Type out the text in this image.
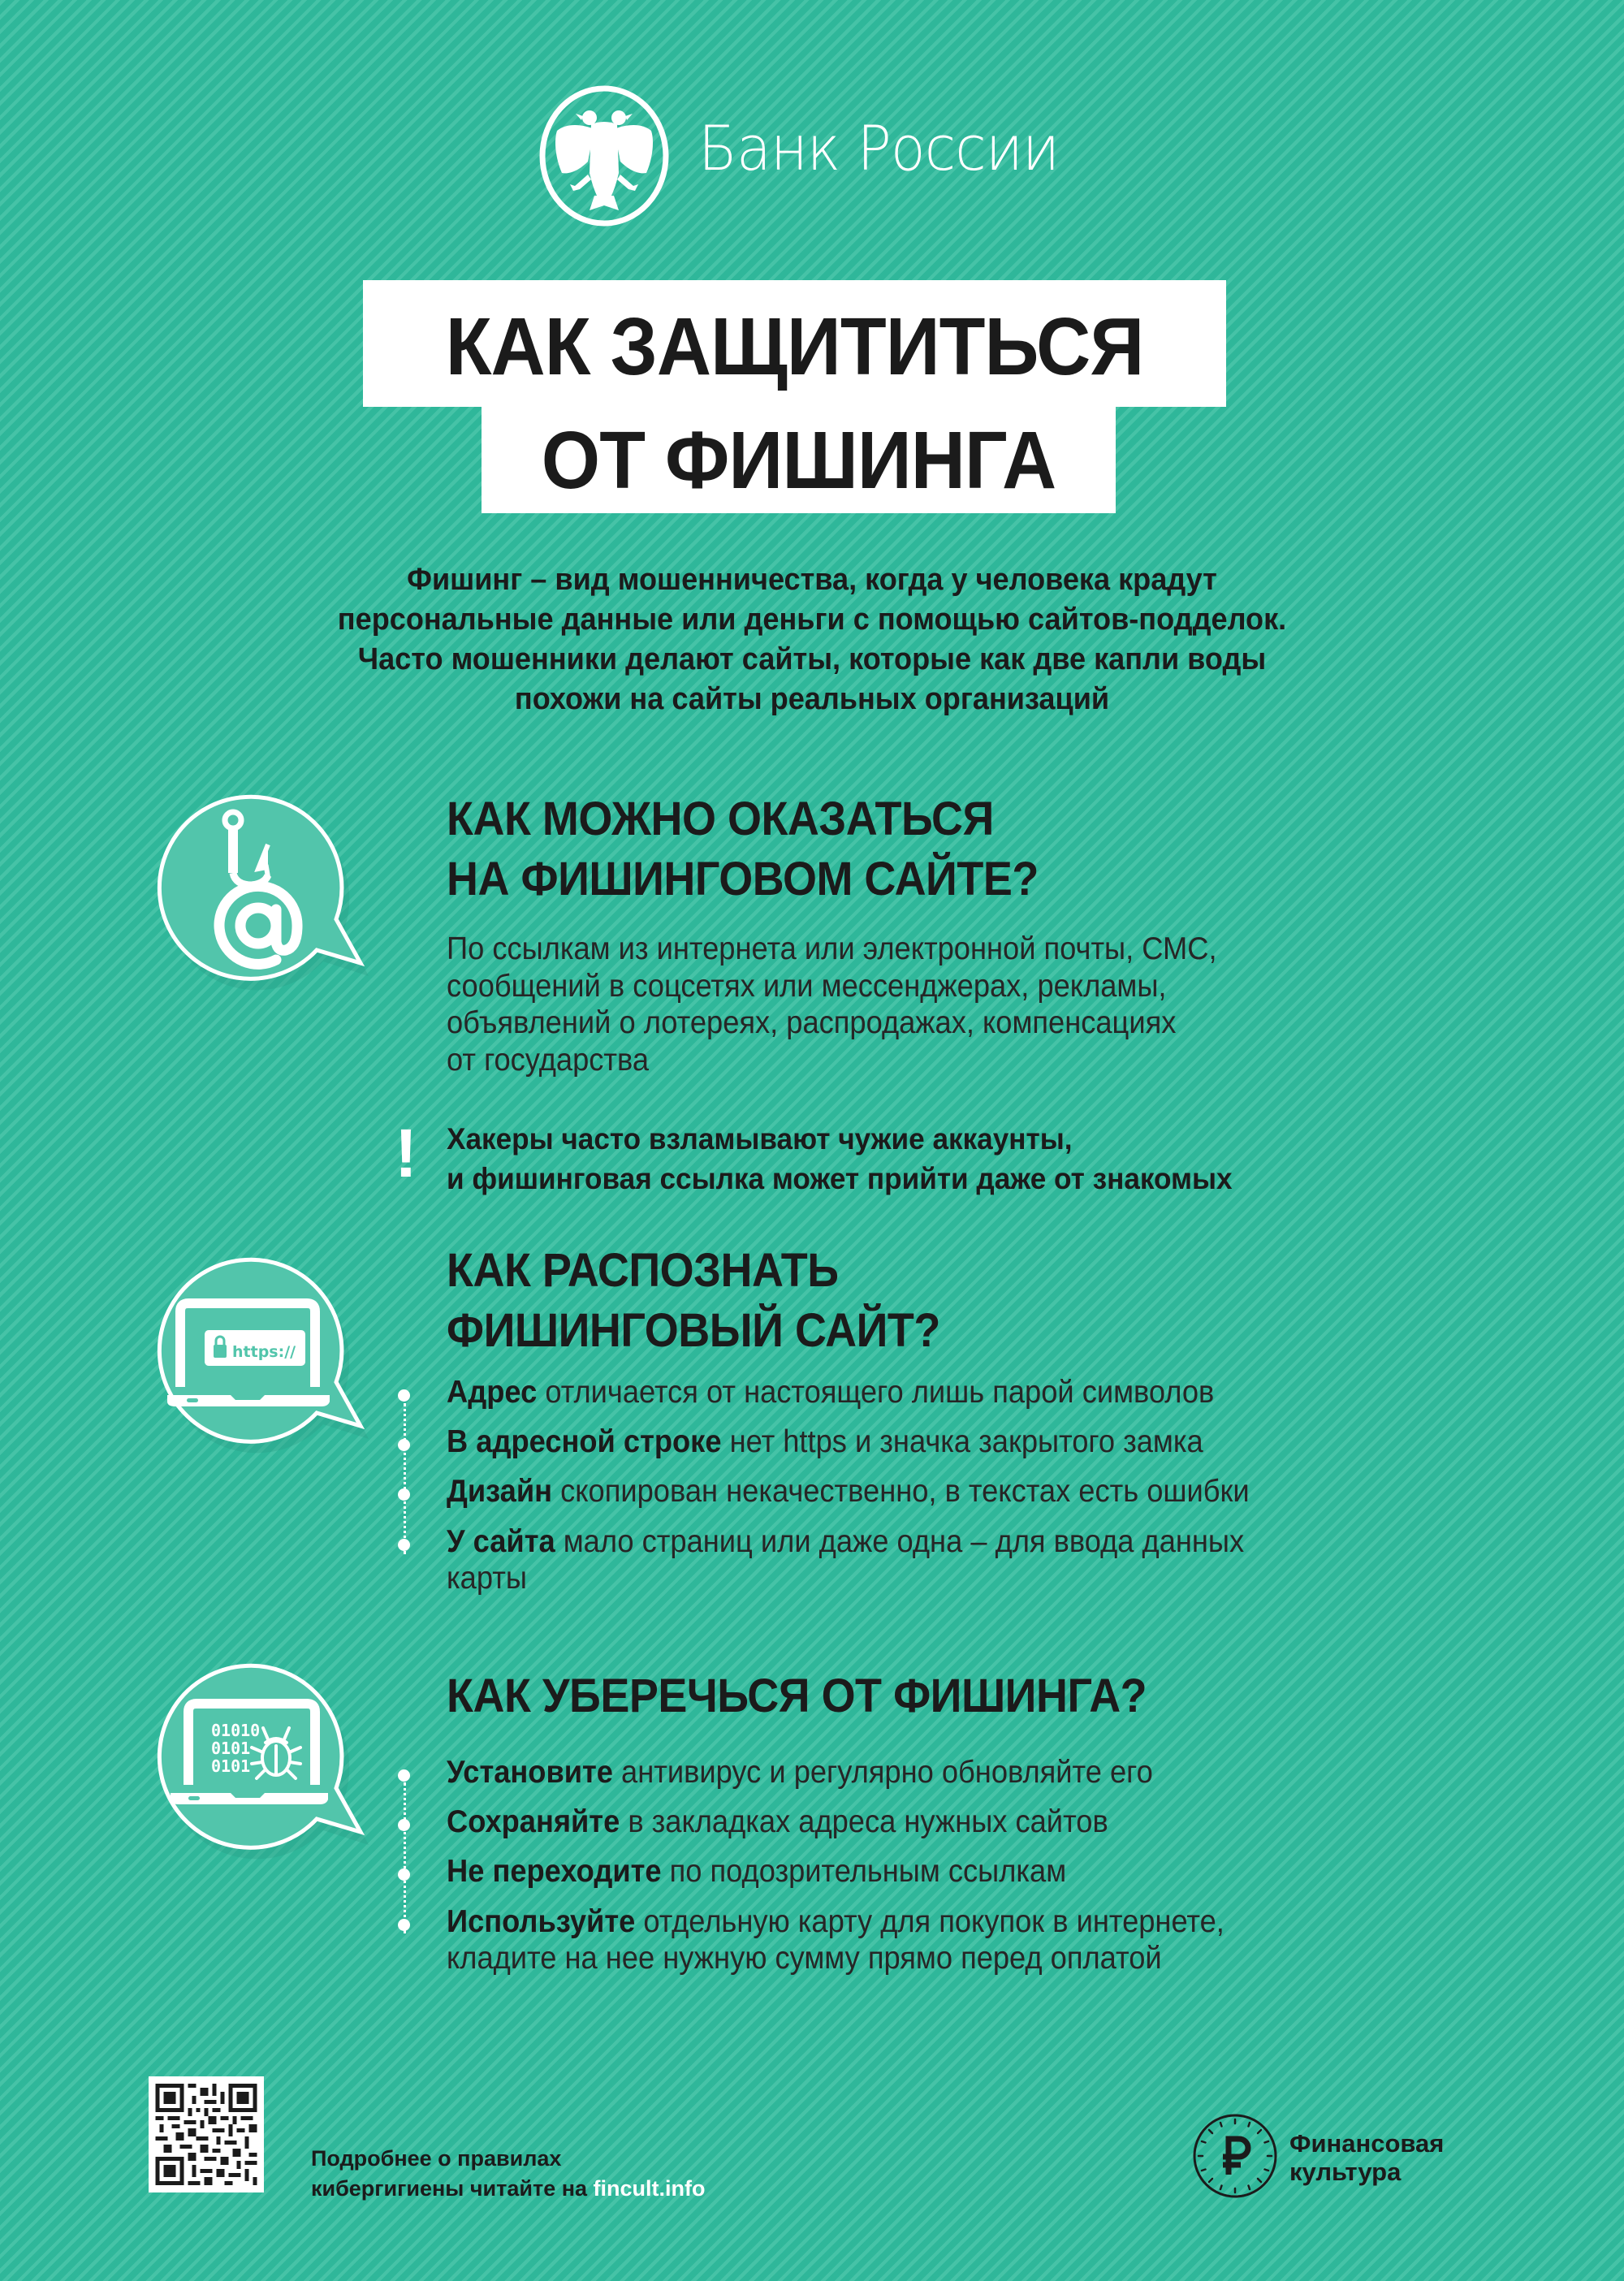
Банк России
КАК ЗАЩИТИТЬСЯ
ОТ ФИШИНГА
Фишинг – вид мошенничества, когда у человека крадут
персональные данные или деньги с помощью сайтов-подделок.
Часто мошенники делают сайты, которые как две капли воды
похожи на сайты реальных организаций
КАК МОЖНО ОКАЗАТЬСЯ
НА ФИШИНГОВОМ САЙТЕ?
По ссылкам из интернета или электронной почты, СМС,
сообщений в соцсетях или мессенджерах, рекламы,
объявлений о лотереях, распродажах, компенсациях
от государства
! Хакеры часто взламывают чужие аккаунты,
и фишинговая ссылка может прийти даже от знакомых
https://
КАК РАСПОЗНАТЬ
ФИШИНГОВЫЙ САЙТ?
Адрес отличается от настоящего лишь парой символов
В адресной строке нет https и значка закрытого замка
Дизайн скопирован некачественно, в текстах есть ошибки
У сайта мало страниц или даже одна – для ввода данных
карты
01010
0101
0101
КАК УБЕРЕЧЬСЯ ОТ ФИШИНГА?
Установите антивирус и регулярно обновляйте его
Сохраняйте в закладках адреса нужных сайтов
Не переходите по подозрительным ссылкам
Используйте отдельную карту для покупок в интернете,
кладите на нее нужную сумму прямо перед оплатой
Подробнее о правилах
кибергигиены читайте на fincult.info
Финансовая
культура
